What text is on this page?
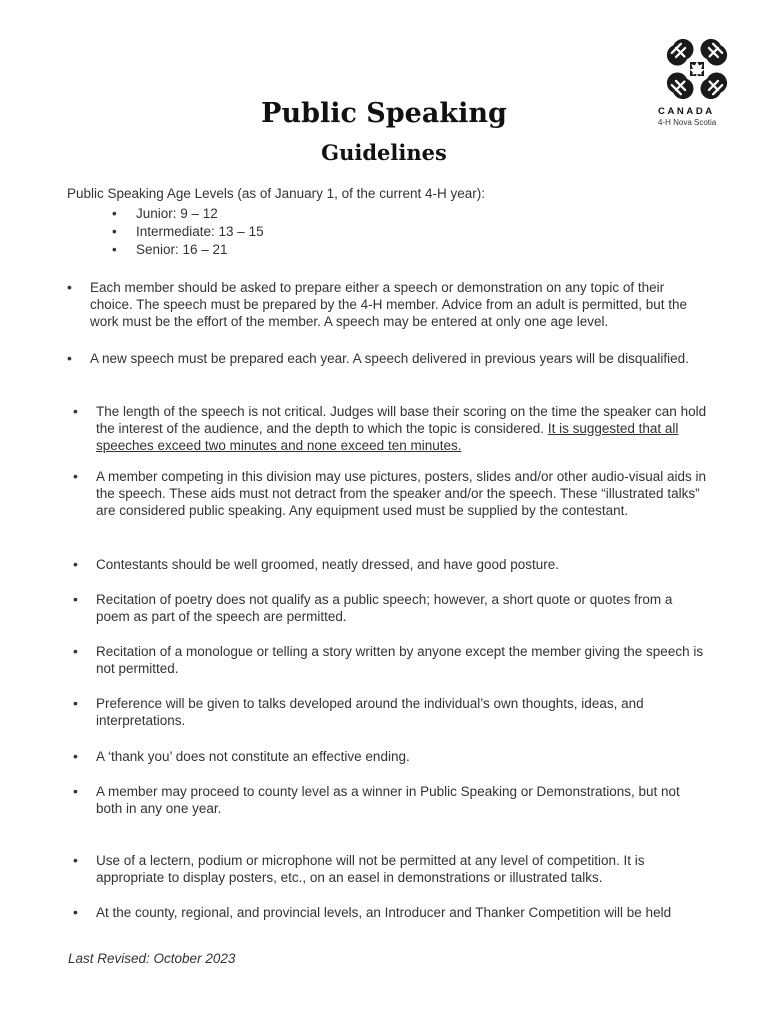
CANADA
4-H Nova Scotia
Public Speaking
Guidelines
Public Speaking Age Levels (as of January 1, of the current 4-H year):
• Junior: 9 – 12
• Intermediate: 13 – 15
• Senior: 16 – 21
•	Each member should be asked to prepare either a speech or demonstration on any topic of their choice. The speech must be prepared by the 4-H member. Advice from an adult is permitted, but the work must be the effort of the member. A speech may be entered at only one age level.
•	A new speech must be prepared each year. A speech delivered in previous years will be disqualified.
•	The length of the speech is not critical. Judges will base their scoring on the time the speaker can hold the interest of the audience, and the depth to which the topic is considered. It is suggested that all speeches exceed two minutes and none exceed ten minutes.
•	A member competing in this division may use pictures, posters, slides and/or other audio-visual aids in the speech. These aids must not detract from the speaker and/or the speech. These “illustrated talks” are considered public speaking. Any equipment used must be supplied by the contestant.
•	Contestants should be well groomed, neatly dressed, and have good posture.
•	Recitation of poetry does not qualify as a public speech; however, a short quote or quotes from a poem as part of the speech are permitted.
•	Recitation of a monologue or telling a story written by anyone except the member giving the speech is not permitted.
•	Preference will be given to talks developed around the individual’s own thoughts, ideas, and interpretations.
•	A ‘thank you’ does not constitute an effective ending.
•	A member may proceed to county level as a winner in Public Speaking or Demonstrations, but not both in any one year.
•	Use of a lectern, podium or microphone will not be permitted at any level of competition. It is appropriate to display posters, etc., on an easel in demonstrations or illustrated talks.
•	At the county, regional, and provincial levels, an Introducer and Thanker Competition will be held
Last Revised: October 2023
